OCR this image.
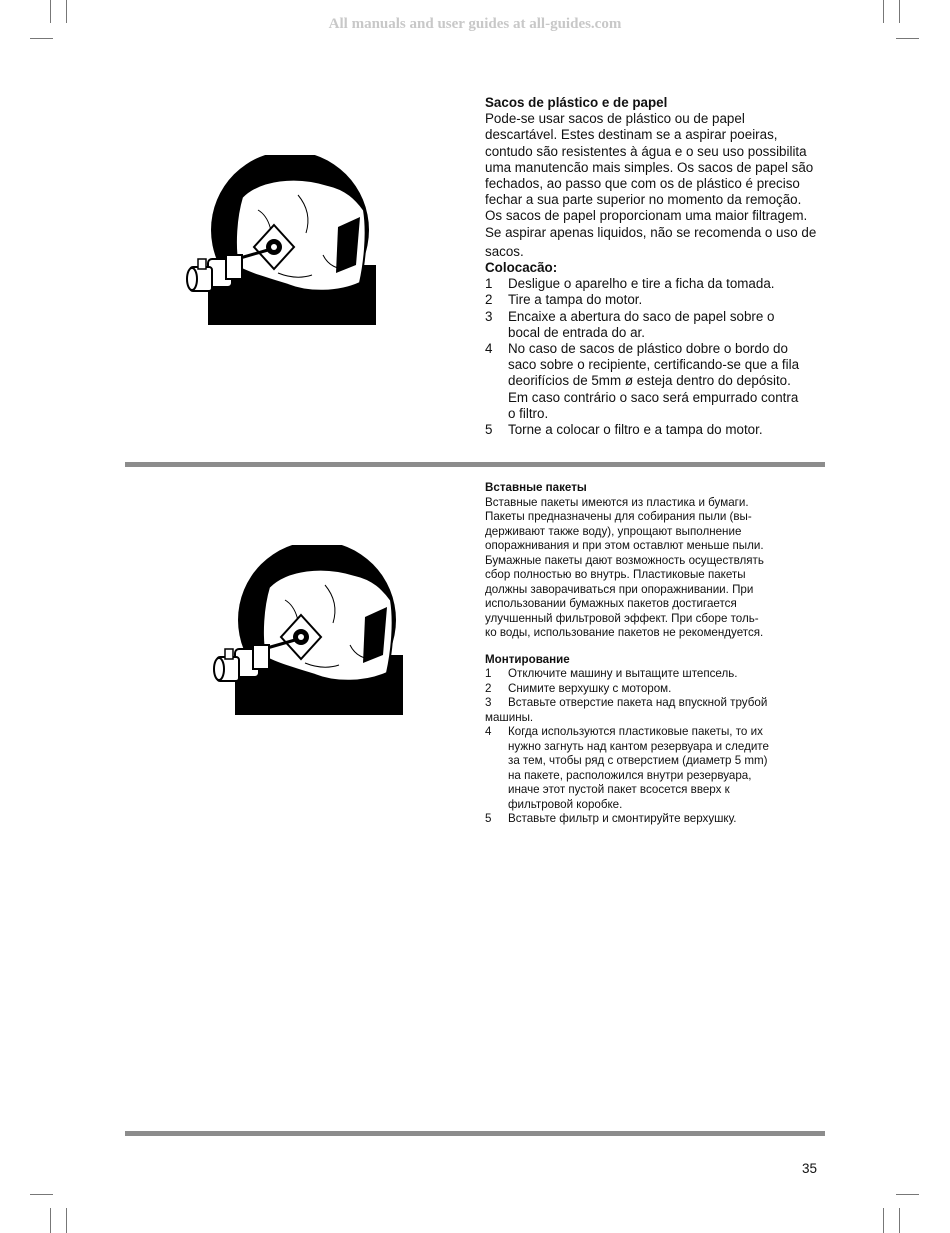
All manuals and user guides at all-guides.com
Sacos de plástico e de papel

Pode-se usar sacos de plástico ou de papel

descartável. Estes destinam se a aspirar poeiras,

contudo são resistentes à água e o seu uso possibilita

uma manutencão mais simples. Os sacos de papel são

fechados, ao passo que com os de plástico é preciso

fechar a sua parte superior no momento da remoção.

Os sacos de papel proporcionam uma maior filtragem.

Se aspirar apenas liquidos, não se recomenda o uso de

sacos.

Colocacão:
1	Desligue o aparelho e tire a ficha da tomada.
2	Tire a tampa do motor.
3	Encaixe a abertura do saco de papel sobre o
bocal de entrada do ar.
4	No caso de sacos de plástico dobre o bordo do
saco sobre o recipiente, certificando-se que a fila
deorifícios de 5mm ø esteja dentro do depósito.
Em caso contrário o saco será empurrado contra
o filtro.
5	Torne a colocar o filtro e a tampa do motor.
Вставные пакеты

Вставные пакеты имеются из пластика и бумаги.

Пакеты предназначены для собирания пыли (вы-

держивают также воду), упрощают выполнение

опоражнивания и при этом оставлют меньше пыли.

Бумажные пакеты дают возможность осуществлять

сбор полностью во внутрь. Пластиковые пакеты

должны заворачиваться при опоражнивании. При

использовании бумажных пакетов достигается

улучшенный фильтровой эффект. При сборе толь-

ко воды, использование пакетов не рекомендуется.

Монтирование
1	Отключите машину и вытащите штепсель.
2	Снимите верхушку с мотором.
3	Вставьте отверстие пакета над впускной трубой
машины.
4	Когда используются пластиковые пакеты, то их
нужно загнуть над кантом резервуара и следите
за тем, чтобы ряд с отверстием (диаметр 5 mm)
на пакете, расположился внутри резервуара,
иначе этот пустой пакет всосется вверх к
фильтровой коробке.
5	Вставьте фильтр и смонтируйте верхушку.
35
